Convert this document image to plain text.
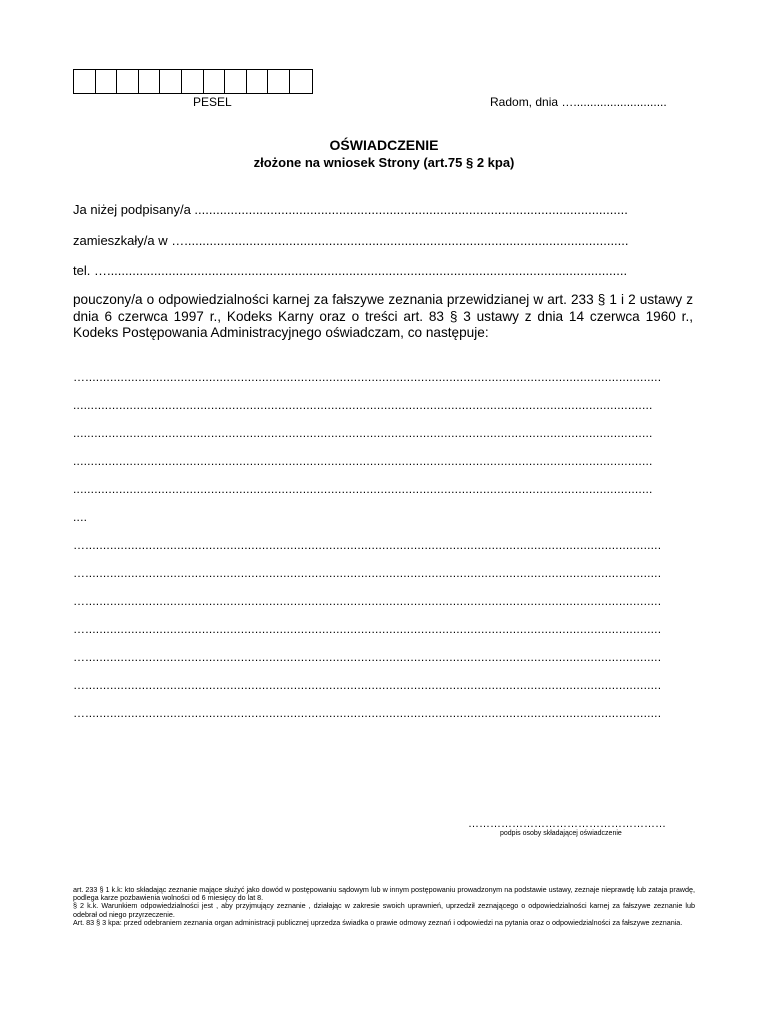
PESEL	Radom, dnia …............................
OŚWIADCZENIE
złożone na wniosek Strony (art.75 § 2 kpa)
Ja niżej podpisany/a ........................................................................................................................
zamieszkały/a w …...........................................................................................................................
tel. …................................................................................................................................................
pouczony/a o odpowiedzialności karnej za fałszywe zeznania przewidzianej w art. 233 § 1 i 2 ustawy z dnia 6 czerwca 1997 r., Kodeks Karny oraz o treści art. 83 § 3 ustawy z dnia 14 czerwca 1960 r., Kodeks Postępowania Administracyjnego oświadczam, co następuje:
…...................................................................................................................................................................
....................................................................................................................................................................
....................................................................................................................................................................
....................................................................................................................................................................
....................................................................................................................................................................
....
…...................................................................................................................................................................
…...................................................................................................................................................................
…...................................................................................................................................................................
…...................................................................................................................................................................
…...................................................................................................................................................................
…...................................................................................................................................................................
…...................................................................................................................................................................
………………………………………………
podpis osoby składającej oświadczenie

art. 233 § 1 k.k: kto składając zeznanie mające służyć jako dowód w postępowaniu sądowym lub w innym postępowaniu prowadzonym na podstawie ustawy, zeznaje nieprawdę lub zataja prawdę, podlega karze pozbawienia wolności od 6 miesięcy do lat 8.

§ 2 k.k. Warunkiem odpowiedzialności jest , aby przyjmujący zeznanie , działając w zakresie swoich uprawnień, uprzedził zeznającego o odpowiedzialności karnej za fałszywe zeznanie lub odebrał od niego przyrzeczenie.

Art. 83 § 3 kpa: przed odebraniem zeznania organ administracji publicznej uprzedza świadka o prawie odmowy zeznań i odpowiedzi na pytania oraz o odpowiedzialności za fałszywe zeznania.
